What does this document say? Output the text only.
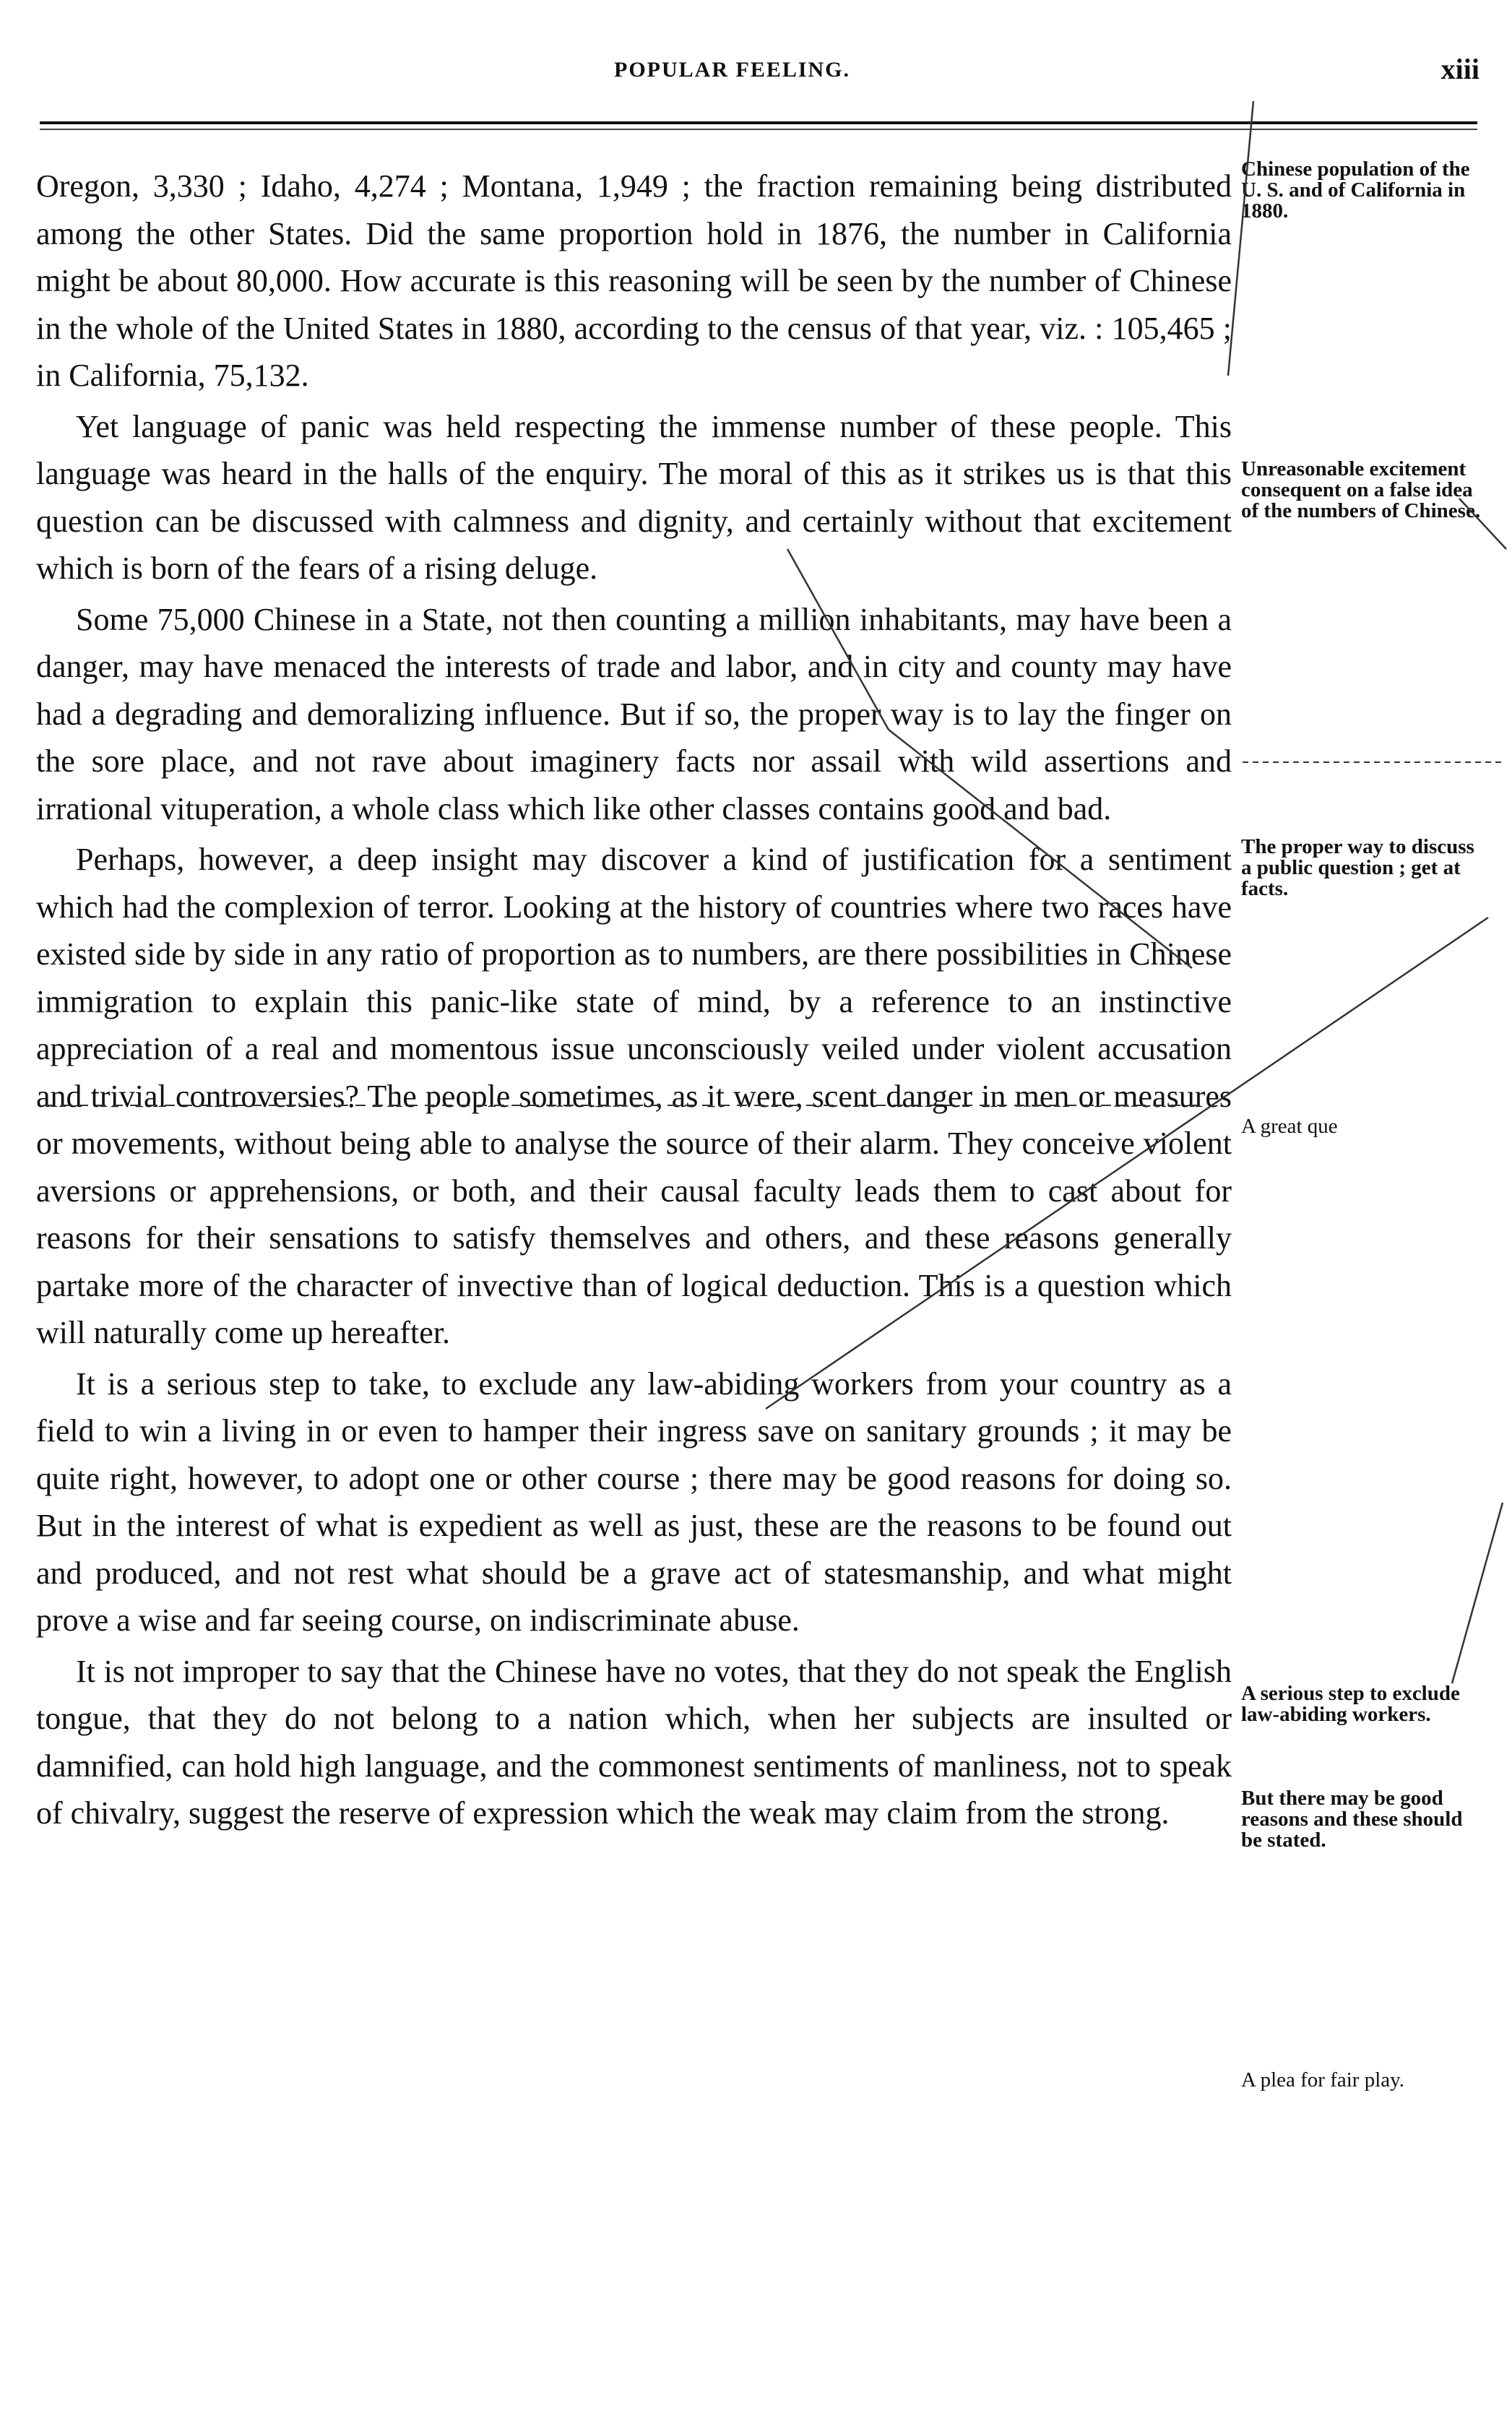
POPULAR FEELING.	xiii

Oregon, 3,330 ; Idaho, 4,274 ; Montana, 1,949 ; the fraction remaining being distributed among the other States. Did the same proportion hold in 1876, the number in California might be about 80,000. How accurate is this reasoning will be seen by the number of Chinese in the whole of the United States in 1880, according to the census of that year, viz. : 105,465 ; in California, 75,132.

Yet language of panic was held respecting the immense number of these people. This language was heard in the halls of the enquiry. The moral of this as it strikes us is that this question can be discussed with calmness and dignity, and certainly without that excitement which is born of the fears of a rising deluge.

Some 75,000 Chinese in a State, not then counting a million inhabitants, may have been a danger, may have menaced the interests of trade and labor, and in city and county may have had a degrading and demoralizing influence. But if so, the proper way is to lay the finger on the sore place, and not rave about imaginery facts nor assail with wild assertions and irrational vituperation, a whole class which like other classes contains good and bad.

Perhaps, however, a deep insight may discover a kind of justification for a sentiment which had the complexion of terror. Looking at the history of countries where two races have existed side by side in any ratio of proportion as to numbers, are there possibilities in Chinese immigration to explain this panic-like state of mind, by a reference to an instinctive appreciation of a real and momentous issue unconsciously veiled under violent accusation and trivial controversies? The people sometimes, as it were, scent danger in men or measures or movements, without being able to analyse the source of their alarm. They conceive violent aversions or apprehensions, or both, and their causal faculty leads them to cast about for reasons for their sensations to satisfy themselves and others, and these reasons generally partake more of the character of invective than of logical deduction. This is a question which will naturally come up hereafter.

It is a serious step to take, to exclude any law-abiding workers from your country as a field to win a living in or even to hamper their ingress save on sanitary grounds ; it may be quite right, however, to adopt one or other course ; there may be good reasons for doing so. But in the interest of what is expedient as well as just, these are the reasons to be found out and produced, and not rest what should be a grave act of statesmanship, and what might prove a wise and far seeing course, on indiscriminate abuse.

It is not improper to say that the Chinese have no votes, that they do not speak the English tongue, that they do not belong to a nation which, when her subjects are insulted or damnified, can hold high language, and the commonest sentiments of manliness, not to speak of chivalry, suggest the reserve of expression which the weak may claim from the strong.

Chinese population of the U. S. and of California in 1880.
Unreasonable excitement consequent on a false idea of the numbers of Chinese.
The proper way to discuss a public question ; get at facts.
A great que
A serious step to exclude law-abiding workers.
But there may be good reasons and these should be stated.
A plea for fair play.
